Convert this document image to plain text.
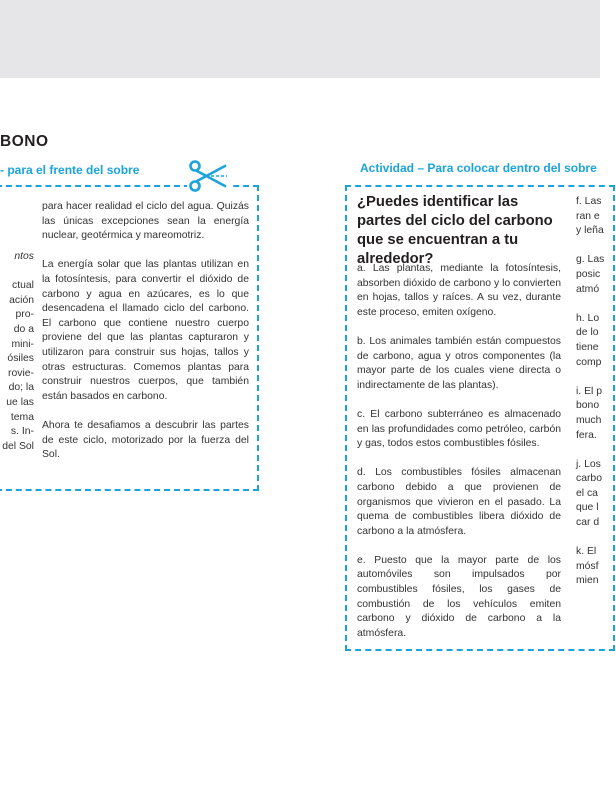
BONO
- para el frente del sobre	Actividad – Para colocar dentro del sobre
ntos

ctual
ación
pro-
do a
mini-
ósiles
rovie-
do; la
ue las
tema
s. In-
del Sol

para hacer realidad el ciclo del agua. Quizás las únicas excepciones sean la energía nuclear, geotérmica y mareomotriz.

La energía solar que las plantas utilizan en la fotosíntesis, para convertir el dióxido de carbono y agua en azúcares, es lo que desencadena el llamado ciclo del carbono. El carbono que contiene nuestro cuerpo proviene del que las plantas capturaron y utilizaron para construir sus hojas, tallos y otras estructuras. Comemos plantas para construir nuestros cuerpos, que también están basados en carbono.

Ahora te desafiamos a descubrir las partes de este ciclo, motorizado por la fuerza del Sol.

¿Puedes identificar las partes del ciclo del carbono que se encuentran a tu alrededor?

a. Las plantas, mediante la fotosíntesis, absorben dióxido de carbono y lo convierten en hojas, tallos y raíces. A su vez, durante este proceso, emiten oxígeno.

b. Los animales también están compuestos de carbono, agua y otros componentes (la mayor parte de los cuales viene directa o indirectamente de las plantas).

c. El carbono subterráneo es almacenado en las profundidades como petróleo, carbón y gas, todos estos combustibles fósiles.

d. Los combustibles fósiles almacenan carbono debido a que provienen de organismos que vivieron en el pasado. La quema de combustibles libera dióxido de carbono a la atmósfera.

e. Puesto que la mayor parte de los automóviles son impulsados por combustibles fósiles, los gases de combustión de los vehículos emiten carbono y dióxido de carbono a la atmósfera.

f. Las
ran e
y leña
g. Las
posic
atmó
h. Lo
de lo
tiene
comp
i. El p
bono
much
fera.
j. Los
carbo
el ca
que l
car d
k. El
mósf
mien
